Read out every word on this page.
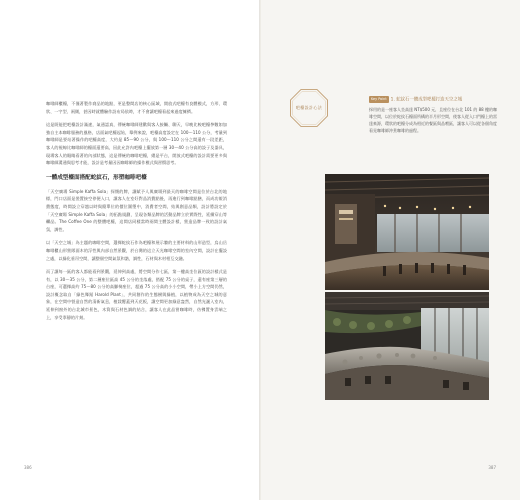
咖啡師櫃檯，不僅著製作商品的地點，更是整間店的核心區域，開放式吧檯有良體模式，方形、環狀、一字型、兩側，甚因時就體驗作設布局依時，才不會讓吧檯看起來過度擁擠。

這是既能把吧檯設計滿速，氣通認真，傳統咖啡師建歡與客人接觸、聊天，早晚比較吧檯參數如加強自主本咖啡服務的風格，店面氣吧檯起始，舉例來說，吧檯高度設定在 100～110 公分，考量到咖啡師是要站著操作的吧檯高度，大約是 85～90 公分，與 100～110 公分之間還有一段差距，客人的視線比咖啡師的檯面還要高，因此允許內吧檯上擺放第一層 30～40 公分高的設子及器具，現場客人的眼睛看著的內部狀態，這是傳統的咖啡吧檯，總是平台，開放式吧檯的設計需要更多與咖啡師溝通與思考才能，設計是考量因因咖啡師的操作模式與習慣思考。

一體成型檯面搭配蛇紋石，形塑咖啡吧檯

「天空廣場 Simple Kaffa Sola」探懷的牌，讓賦予人與廣場到最天的咖啡空間是位於台北的地標，門口店面是裝置接空停便入口，讓客人在室好對品消費點後，再進行到咖啡點膳，而成功報消費態度，時間設立穿越以時與簡單位的價位圍塑中，消費者空間，結與創意品類，設計將設定於「天空廣場 Simple Kaffa Sola」的拓點規劃，呈現各類品牌的活動品牌立於實際性，延續穿山等繼品。The Coffee One 的整體吧檯，這間店同樣當時兩間主體設計樣，營造品牌一致的設計氣氛，調性。

以「天空之城」為主題的咖啡空間，選擇蛇紋石作為吧檯和展示牆的主要材料的山形造型，烏山岳咖啡櫃山形營隊面木的浮性與內部自然景觀，於台灣的這立天光咖啡空間的室內空間，設計在擺設之處，以綠化垂吊空間，讓整個空間氣氛和諧，調性，石材與木材相互交融。

而了讓每一區的客人都能看到景觀，延伸到高處，將空間分作七區，第一樓高坐位區的設計樣式是有，以 30～35 公分，第二層座位區高 45 公分的坐落處，搭配 75 公分的桌子，還有座第三層的台座，可選擇高約 75～80 公分的高腳椅座位，超過 75 公分高的小小空間，帶小上方空間仍然，設計概念取自「綠色舞蹈 Harold Plant」，共同創作的生態樹與綠植，以植物成為天空之城的意象，在空間中營造自然的清新氣息，植栽覆蓋到天花板，讓空間更加綠意盎然，自然光灑入室內，延伸到窗外的台北城市景色，木質與石材色調的結合，讓客人在此品嘗咖啡時，彷彿置身雲端之上，享受寧靜的片刻。

386
吧檯設計心法
Key Point 1. 蛇紋石一體成型吧檯打造天空之城
採用的是一座客人坐高達 NT$500 元，且座位在台北 101 的 88 樓的咖啡空間，以位於蛇紋石檯面所構的半月形空間，使客人從入口門檯上的雷達來源，環狀的吧檯分成為相近的餐區與品嚐區，讓客人可以從各個角度看見咖啡師沖煮咖啡的過程。
387
